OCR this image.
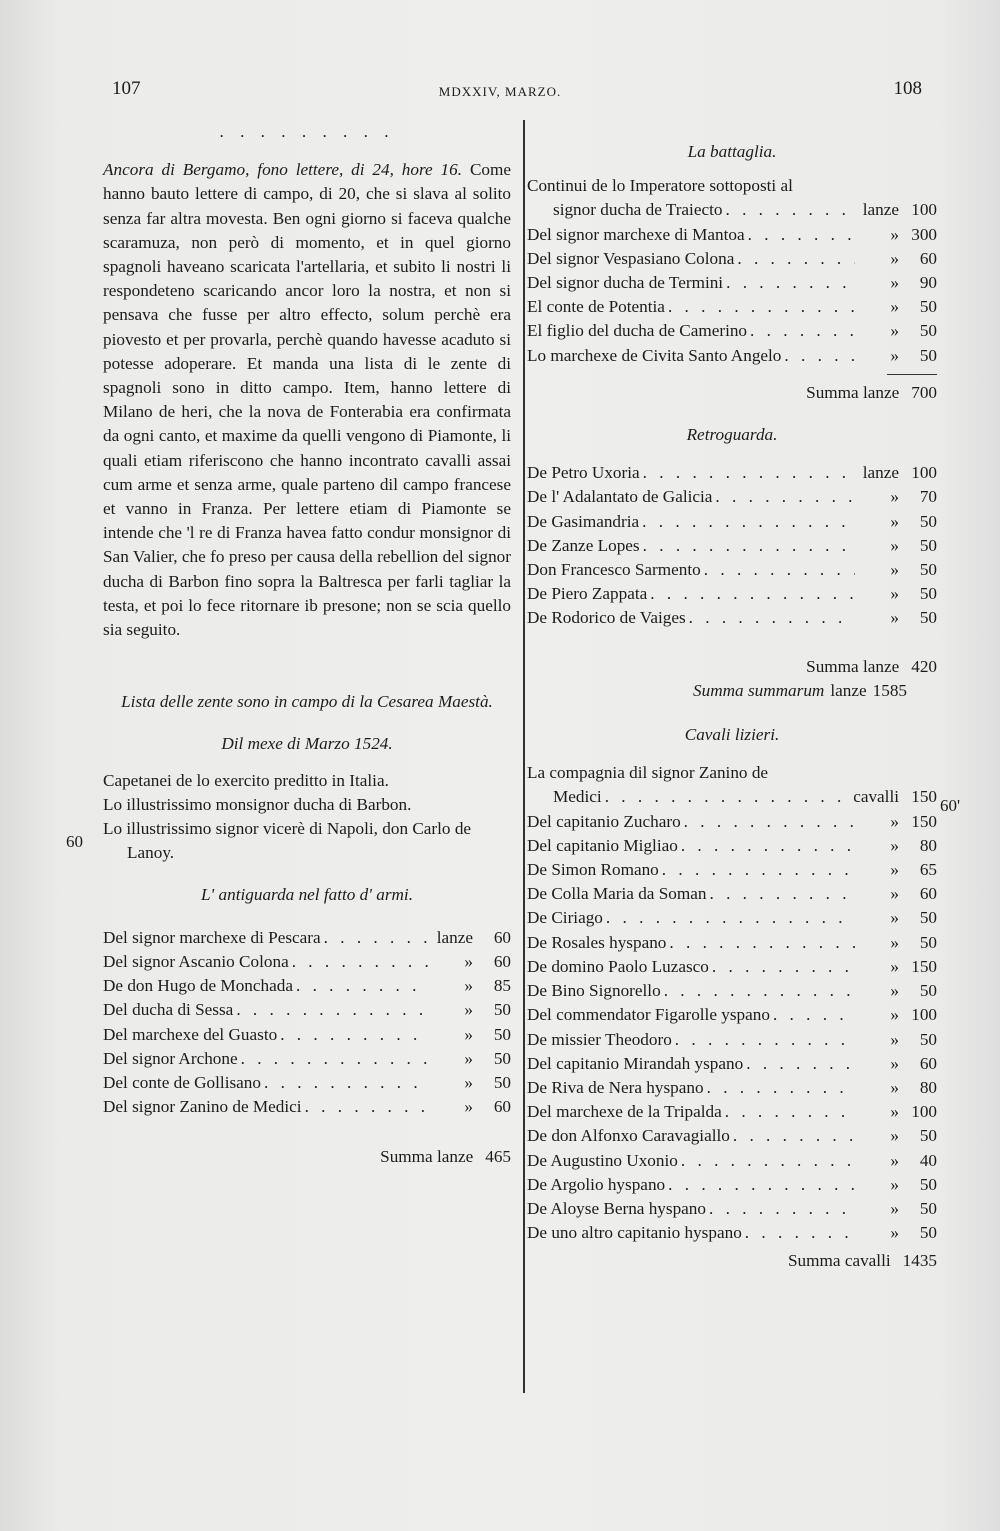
107	MDXXIV, MARZO.	108
. . . . . . . . .
Ancora di Bergamo, fono lettere, di 24, hore 16. Come hanno bauto lettere di campo, di 20, che si slava al solito senza far altra movesta. Ben ogni giorno si faceva qualche scaramuza, non però di momento, et in quel giorno spagnoli haveano scaricata l'artellaria, et subito li nostri li respondeteno scaricando ancor loro la nostra, et non si pensava che fusse per altro effecto, solum perchè era piovesto et per provarla, perchè quando havesse acaduto si potesse adoperare. Et manda una lista di le zente di spagnoli sono in ditto campo. Item, hanno lettere di Milano de heri, che la nova de Fonterabia era confirmata da ogni canto, et maxime da quelli vengono di Piamonte, li quali etiam riferiscono che hanno incontrato cavalli assai cum arme et senza arme, quale parteno dil campo francese et vanno in Franza. Per lettere etiam di Piamonte se intende che 'l re di Franza havea fatto condur monsignor di San Valier, che fo preso per causa della rebellion del signor ducha di Barbon fino sopra la Baltresca per farli tagliar la testa, et poi lo fece ritornare ib presone; non se scia quello sia seguito.
Lista delle zente sono in campo di la Cesarea Maestà.
Dil mexe di Marzo 1524.
Capetanei de lo exercito preditto in Italia.
Lo illustrissimo monsignor ducha di Barbon.
Lo illustrissimo signor vicerè di Napoli, don Carlo de Lanoy.
L' antiguarda nel fatto d' armi.
Del signor marchexe di Pescara . . .	lanze	60
Del signor Ascanio Colona . . .	»	60
De don Hugo de Monchada . . .	»	85
Del ducha di Sessa . . .	»	50
Del marchexe del Guasto . . .	»	50
Del signor Archone . . .	»	50
Del conte de Gollisano . . .	»	50
Del signor Zanino de Medici . . .	»	60
Summa lanze 465
60
60'
La battaglia.
Continui de lo Imperatore sottoposti al
signor ducha de Traiecto . . .	lanze 100
Del signor marchexe di Mantoa . . .	» 300
Del signor Vespasiano Colona . . .	»	60
Del signor ducha de Termini . . .	»	90
El conte de Potentia . . .	»	50
El figlio del ducha de Camerino . . .	»	50
Lo marchexe de Civita Santo Angelo . . .	»	50
Summa lanze 700
Retroguarda.
De Petro Uxoria . . .	lanze 100
De l' Adalantato de Galicia . . .	»	70
De Gasimandria . . .	»	50
De Zanze Lopes . . .	»	50
Don Francesco Sarmento . . .	»	50
De Piero Zappata . . .	»	50
De Rodorico de Vaiges . . .	»	50
Summa lanze 420
Summa summarum lanze 1585
Cavali lizieri.
La compagnia dil signor Zanino de
Medici . . .	cavalli 150
Del capitanio Zucharo . . .	» 150
Del capitanio Migliao . . .	»	80
De Simon Romano . . .	»	65
De Colla Maria da Soman . . .	»	60
De Ciriago . . .	»	50
De Rosales hyspano . . .	»	50
De domino Paolo Luzasco . . .	» 150
De Bino Signorello . . .	»	50
Del commendator Figarolle yspano . . .	» 100
De missier Theodoro . . .	»	50
Del capitanio Mirandah yspano . . .	»	60
De Riva de Nera hyspano . . .	»	80
Del marchexe de la Tripalda . . .	» 100
De don Alfonxo Caravagiallo . . .	»	50
De Augustino Uxonio . . .	»	40
De Argolio hyspano . . .	»	50
De Aloyse Berna hyspano . . .	»	50
De uno altro capitanio hyspano . . .	»	50
Summa cavalli 1435
